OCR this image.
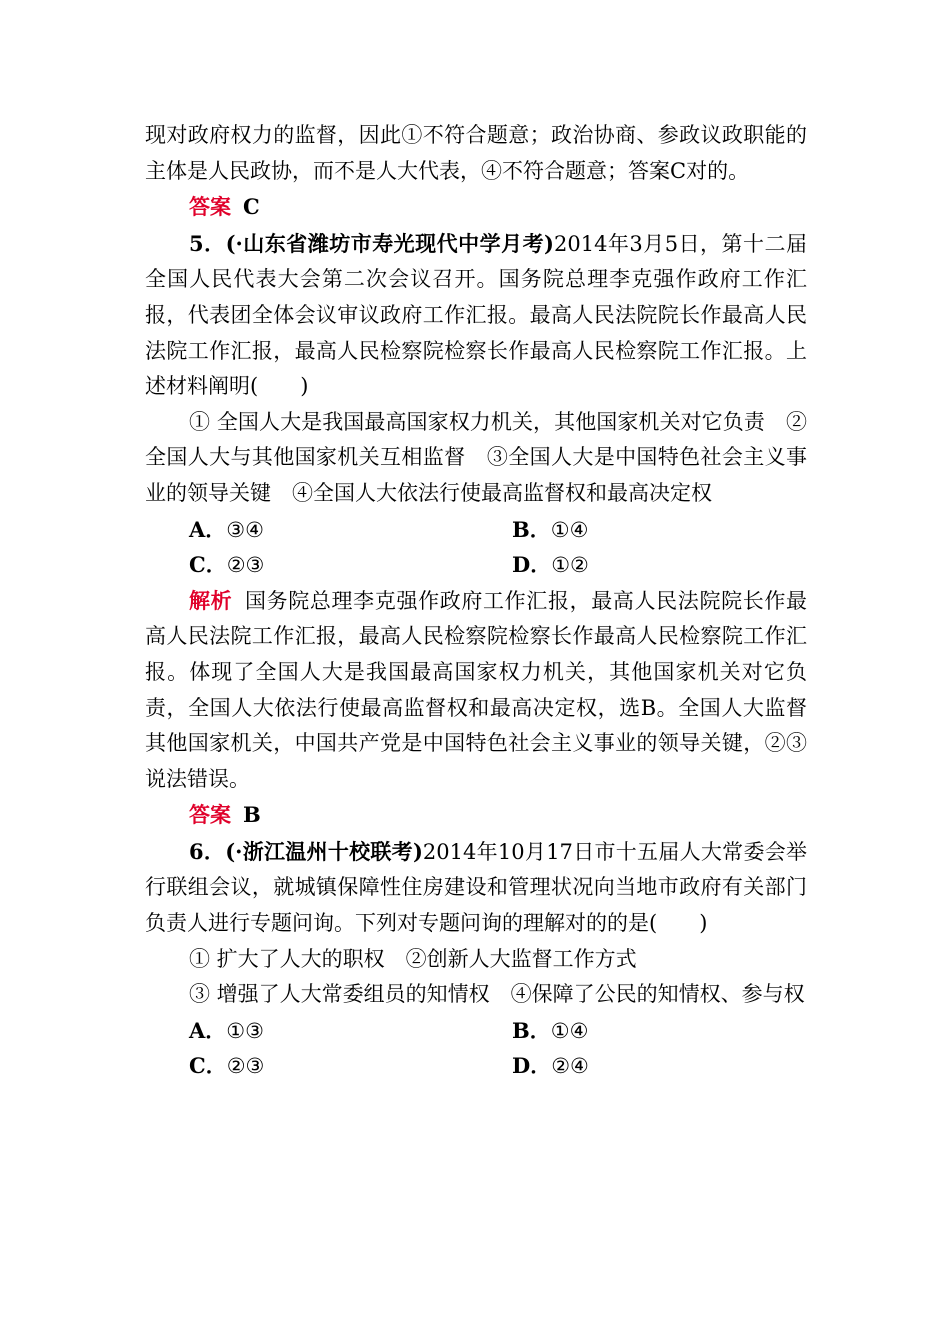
现对政府权力的监督，因此①不符合题意；政治协商、参政议政职能的主体是人民政协，而不是人大代表，④不符合题意；答案C对的。

答案 C

5．(·山东省潍坊市寿光现代中学月考)2014年3月5日，第十二届全国人民代表大会第二次会议召开。国务院总理李克强作政府工作汇报，代表团全体会议审议政府工作汇报。最高人民法院院长作最高人民法院工作汇报，最高人民检察院检察长作最高人民检察院工作汇报。上述材料阐明(　　)

① 全国人大是我国最高国家权力机关，其他国家机关对它负责　②全国人大与其他国家机关互相监督　③全国人大是中国特色社会主义事业的领导关键　④全国人大依法行使最高监督权和最高决定权

A．③④	B．①④
C．②③	D．①②

解析 国务院总理李克强作政府工作汇报，最高人民法院院长作最高人民法院工作汇报，最高人民检察院检察长作最高人民检察院工作汇报。体现了全国人大是我国最高国家权力机关，其他国家机关对它负责，全国人大依法行使最高监督权和最高决定权，选B。全国人大监督其他国家机关，中国共产党是中国特色社会主义事业的领导关键，②③说法错误。

答案 B

6．(·浙江温州十校联考)2014年10月17日市十五届人大常委会举行联组会议，就城镇保障性住房建设和管理状况向当地市政府有关部门负责人进行专题问询。下列对专题问询的理解对的的是(　　)

① 扩大了人大的职权　②创新人大监督工作方式

③ 增强了人大常委组员的知情权　④保障了公民的知情权、参与权

A．①③	B．①④
C．②③	D．②④
